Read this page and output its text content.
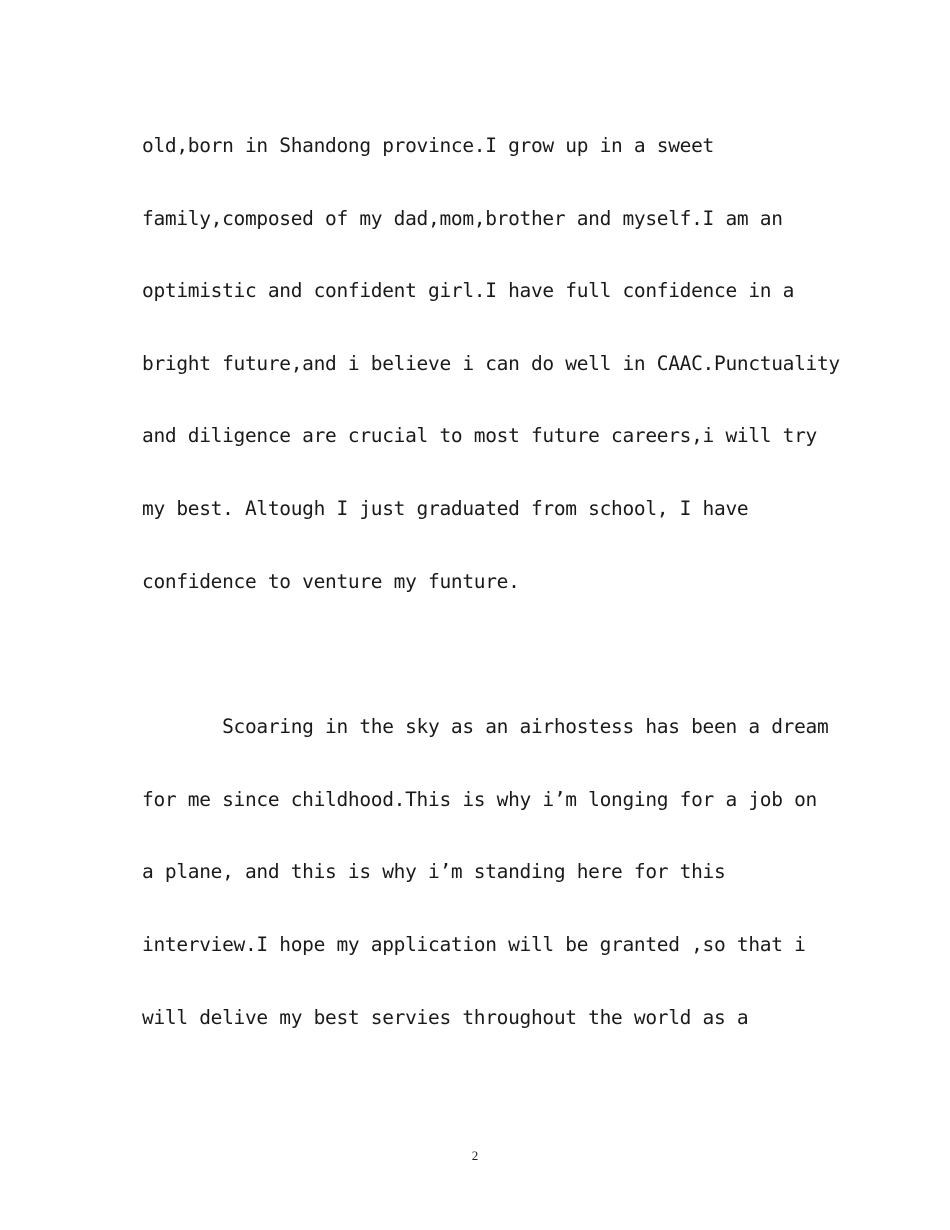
old,born in Shandong province.I grow up in a sweet
family,composed of my dad,mom,brother and myself.I am an
optimistic and confident girl.I have full confidence in a
bright future,and i believe i can do well in CAAC.Punctuality
and diligence are crucial to most future careers,i will try
my best. Altough I just graduated from school, I have
confidence to venture my funture.
Scoaring in the sky as an airhostess has been a dream
for me since childhood.This is why i’m longing for a job on
a plane, and this is why i’m standing here for this
interview.I hope my application will be granted ,so that i
will delive my best servies throughout the world as a
2
